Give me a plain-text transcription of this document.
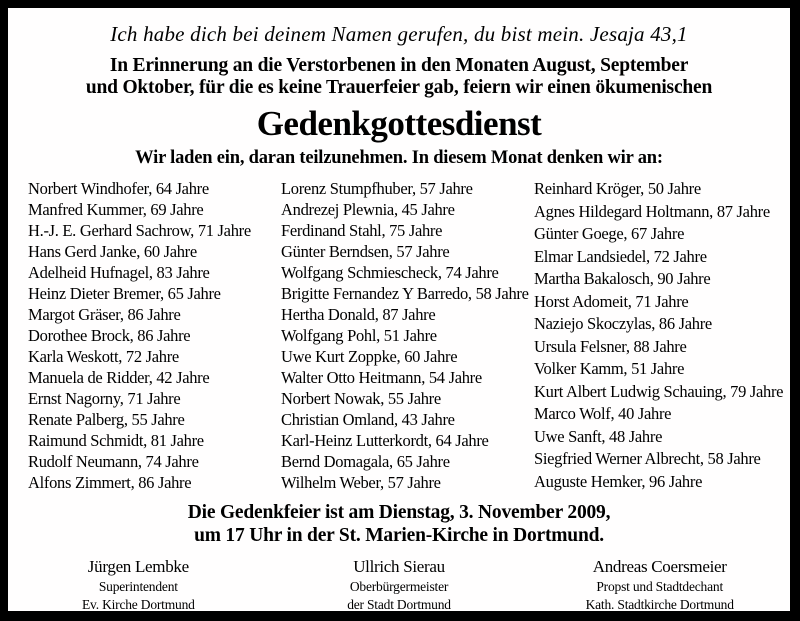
Ich habe dich bei deinem Namen gerufen, du bist mein. Jesaja 43,1
In Erinnerung an die Verstorbenen in den Monaten August, September
und Oktober, für die es keine Trauerfeier gab, feiern wir einen ökumenischen
Gedenkgottesdienst
Wir laden ein, daran teilzunehmen. In diesem Monat denken wir an:
Norbert Windhofer, 64 Jahre
Manfred Kummer, 69 Jahre
H.-J. E. Gerhard Sachrow, 71 Jahre
Hans Gerd Janke, 60 Jahre
Adelheid Hufnagel, 83 Jahre
Heinz Dieter Bremer, 65 Jahre
Margot Gräser, 86 Jahre
Dorothee Brock, 86 Jahre
Karla Weskott, 72 Jahre
Manuela de Ridder, 42 Jahre
Ernst Nagorny, 71 Jahre
Renate Palberg, 55 Jahre
Raimund Schmidt, 81 Jahre
Rudolf Neumann, 74 Jahre
Alfons Zimmert, 86 Jahre
Lorenz Stumpfhuber, 57 Jahre
Andrezej Plewnia, 45 Jahre
Ferdinand Stahl, 75 Jahre
Günter Berndsen, 57 Jahre
Wolfgang Schmiescheck, 74 Jahre
Brigitte Fernandez Y Barredo, 58 Jahre
Hertha Donald, 87 Jahre
Wolfgang Pohl, 51 Jahre
Uwe Kurt Zoppke, 60 Jahre
Walter Otto Heitmann, 54 Jahre
Norbert Nowak, 55 Jahre
Christian Omland, 43 Jahre
Karl-Heinz Lutterkordt, 64 Jahre
Bernd Domagala, 65 Jahre
Wilhelm Weber, 57 Jahre
Reinhard Kröger, 50 Jahre
Agnes Hildegard Holtmann, 87 Jahre
Günter Goege, 67 Jahre
Elmar Landsiedel, 72 Jahre
Martha Bakalosch, 90 Jahre
Horst Adomeit, 71 Jahre
Naziejo Skoczylas, 86 Jahre
Ursula Felsner, 88 Jahre
Volker Kamm, 51 Jahre
Kurt Albert Ludwig Schauing, 79 Jahre
Marco Wolf, 40 Jahre
Uwe Sanft, 48 Jahre
Siegfried Werner Albrecht, 58 Jahre
Auguste Hemker, 96 Jahre
Die Gedenkfeier ist am Dienstag, 3. November 2009,
um 17 Uhr in der St. Marien-Kirche in Dortmund.
Jürgen Lembke
Superintendent
Ev. Kirche Dortmund
Ullrich Sierau
Oberbürgermeister
der Stadt Dortmund
Andreas Coersmeier
Propst und Stadtdechant
Kath. Stadtkirche Dortmund
